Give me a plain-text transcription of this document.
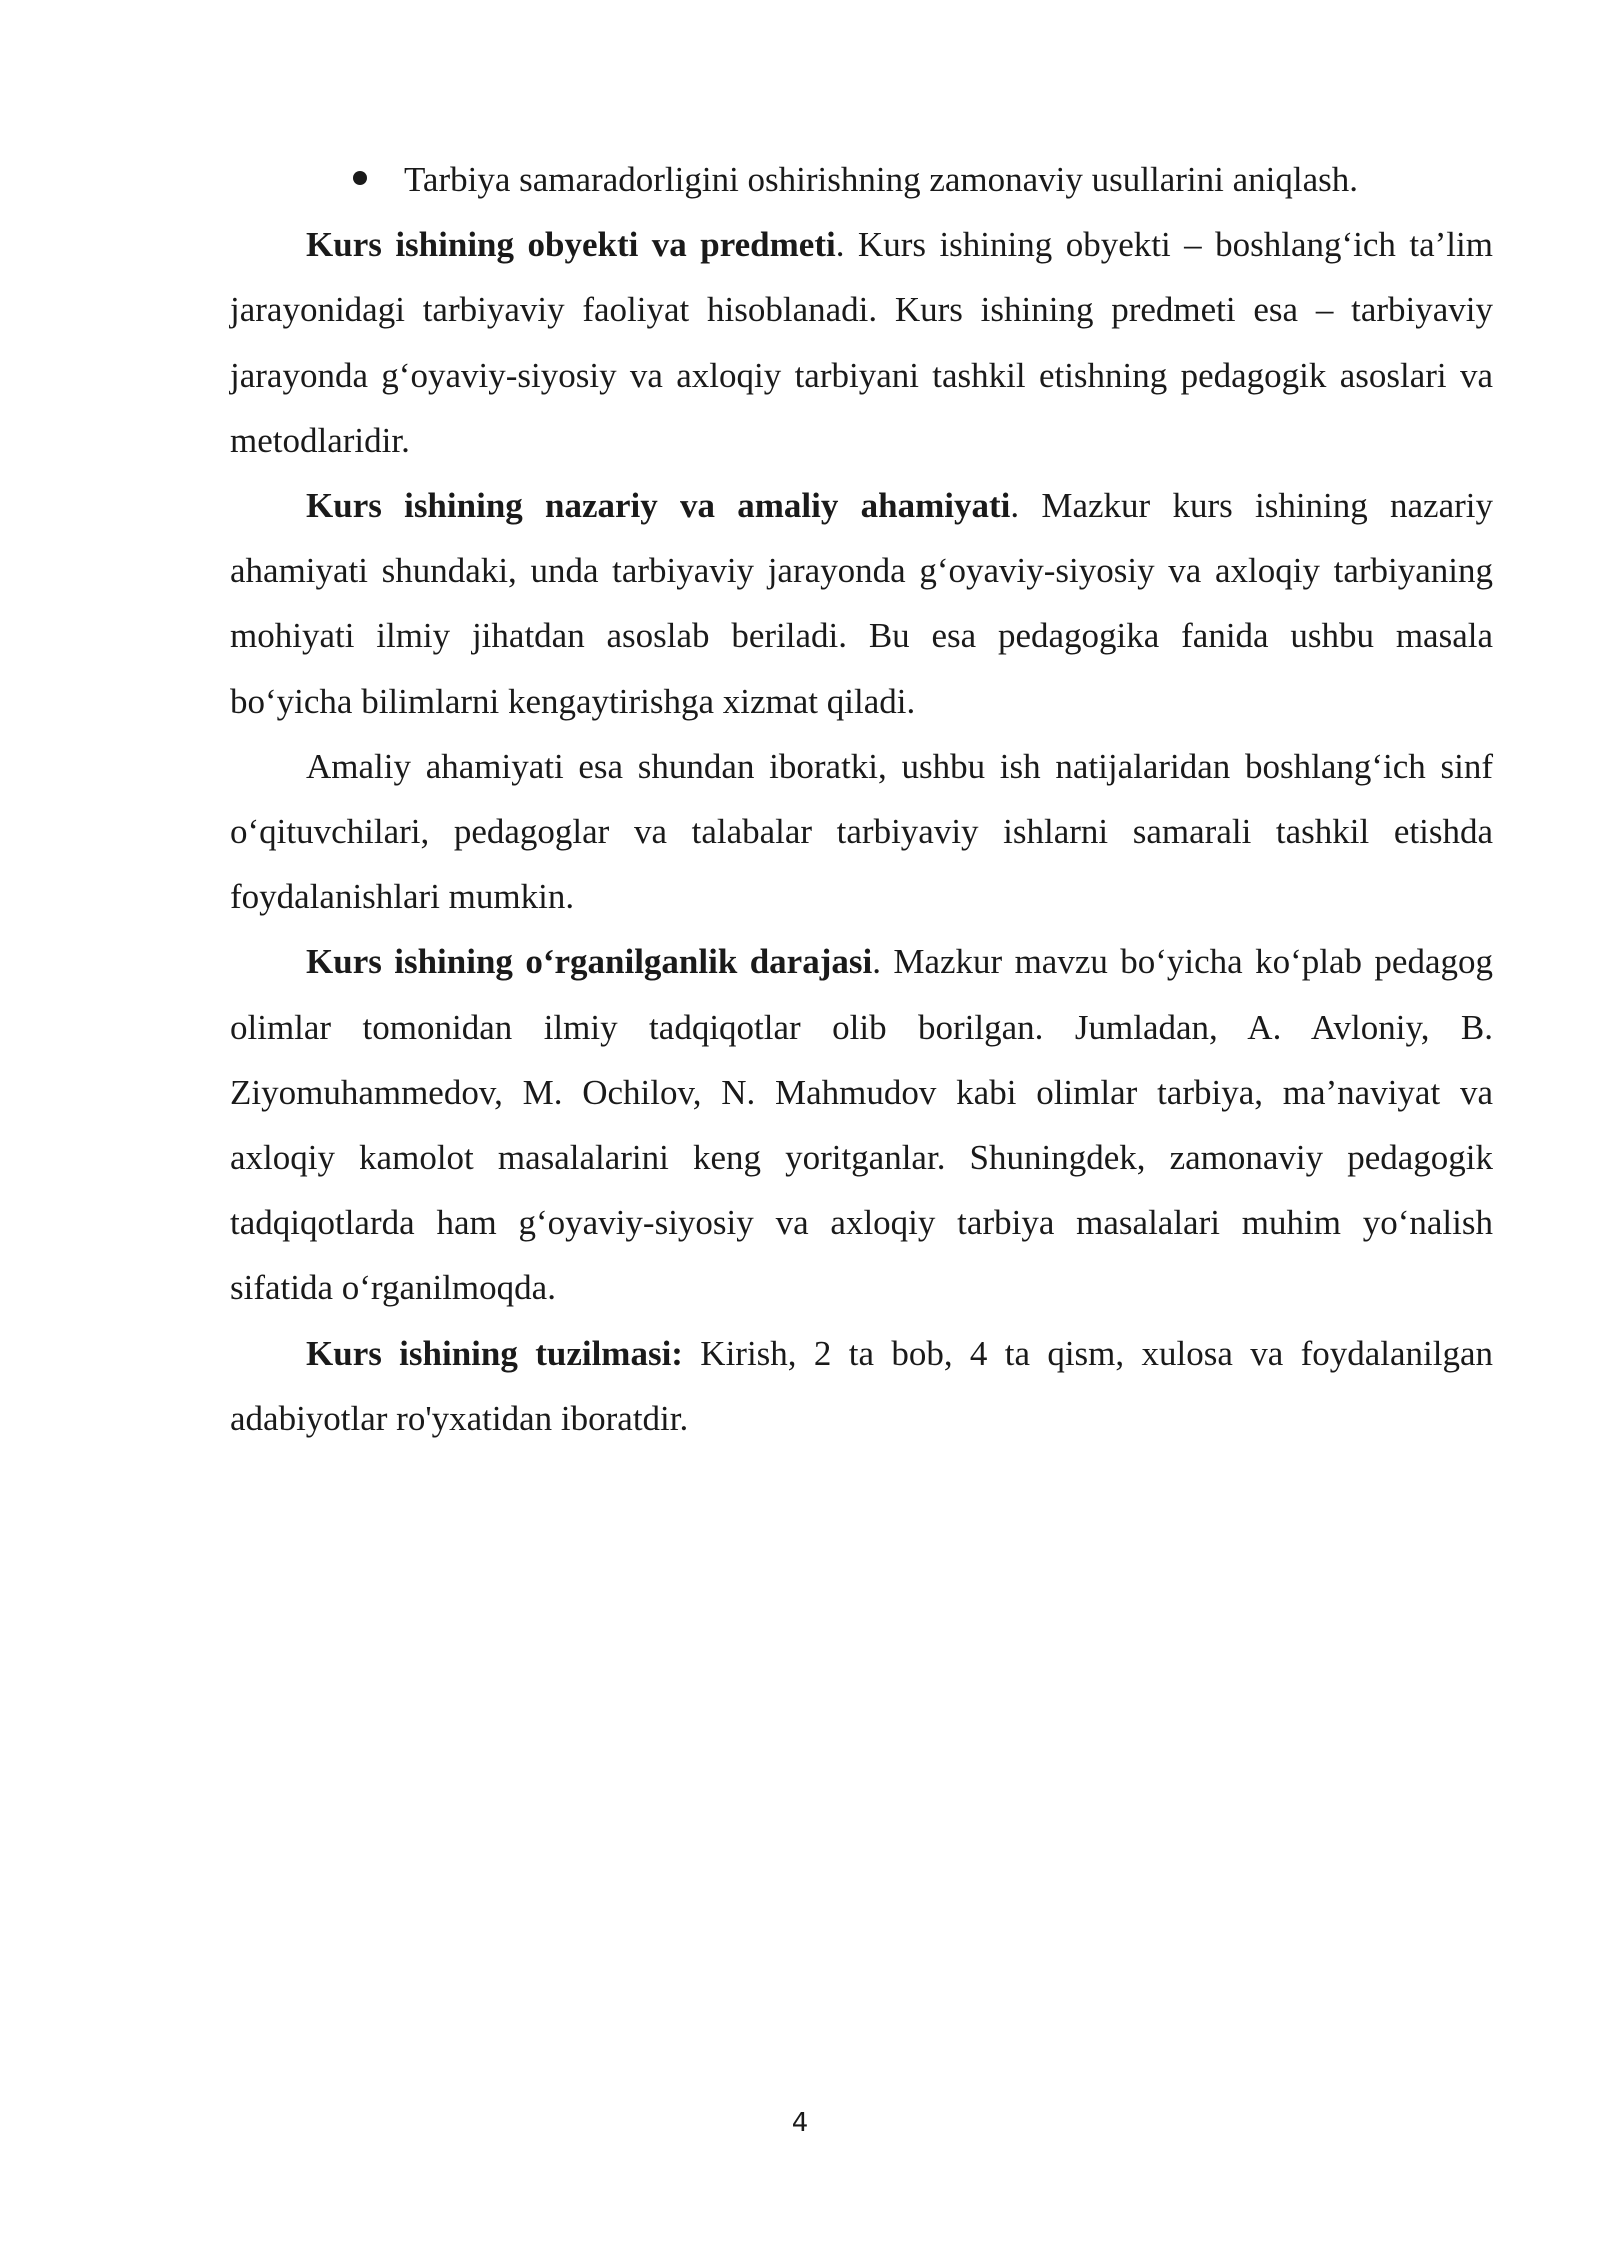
Tarbiya samaradorligini oshirishning zamonaviy usullarini aniqlash.

Kurs ishining obyekti va predmeti. Kurs ishining obyekti – boshlang‘ich ta’lim jarayonidagi tarbiyaviy faoliyat hisoblanadi. Kurs ishining predmeti esa – tarbiyaviy jarayonda g‘oyaviy-siyosiy va axloqiy tarbiyani tashkil etishning pedagogik asoslari va metodlaridir.

Kurs ishining nazariy va amaliy ahamiyati. Mazkur kurs ishining nazariy ahamiyati shundaki, unda tarbiyaviy jarayonda g‘oyaviy-siyosiy va axloqiy tarbiyaning mohiyati ilmiy jihatdan asoslab beriladi. Bu esa pedagogika fanida ushbu masala bo‘yicha bilimlarni kengaytirishga xizmat qiladi.

Amaliy ahamiyati esa shundan iboratki, ushbu ish natijalaridan boshlang‘ich sinf o‘qituvchilari, pedagoglar va talabalar tarbiyaviy ishlarni samarali tashkil etishda foydalanishlari mumkin.

Kurs ishining o‘rganilganlik darajasi. Mazkur mavzu bo‘yicha ko‘plab pedagog olimlar tomonidan ilmiy tadqiqotlar olib borilgan. Jumladan, A. Avloniy, B. Ziyomuhammedov, M. Ochilov, N. Mahmudov kabi olimlar tarbiya, ma’naviyat va axloqiy kamolot masalalarini keng yoritganlar. Shuningdek, zamonaviy pedagogik tadqiqotlarda ham g‘oyaviy-siyosiy va axloqiy tarbiya masalalari muhim yo‘nalish sifatida o‘rganilmoqda.

Kurs ishining tuzilmasi: Kirish, 2 ta bob, 4 ta qism, xulosa va foydalanilgan adabiyotlar ro'yxatidan iboratdir.

4
